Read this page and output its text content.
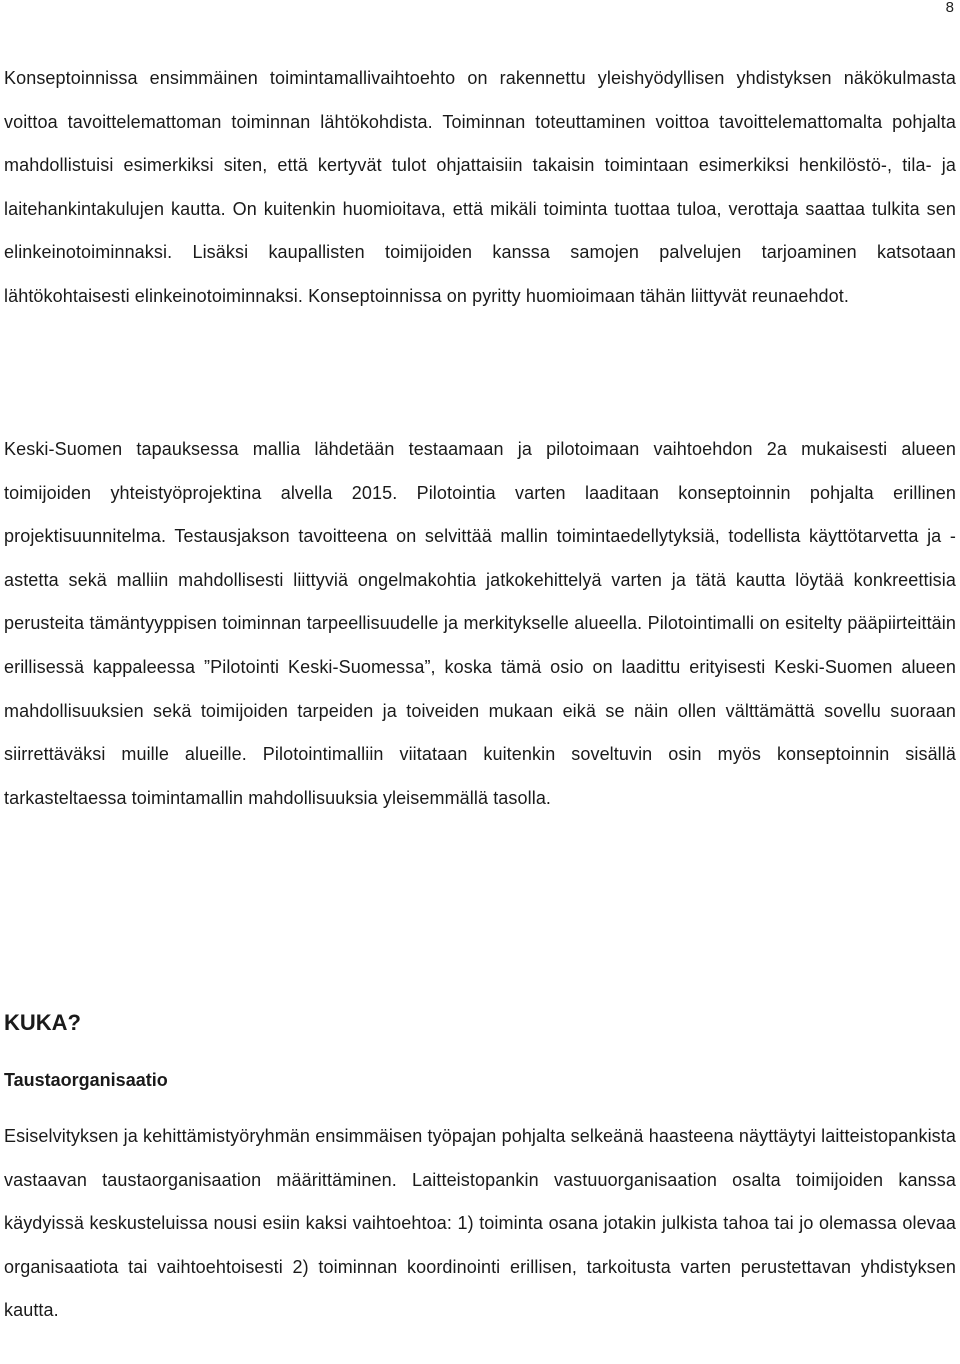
8

Konseptoinnissa ensimmäinen toimintamallivaihtoehto on rakennettu yleishyödyllisen yhdistyksen näkökulmasta voittoa tavoittelemattoman toiminnan lähtökohdista. Toiminnan toteuttaminen voittoa tavoittelemattomalta pohjalta mahdollistuisi esimerkiksi siten, että kertyvät tulot ohjattaisiin takaisin toimintaan esimerkiksi henkilöstö-, tila- ja laitehankintakulujen kautta. On kuitenkin huomioitava, että mikäli toiminta tuottaa tuloa, verottaja saattaa tulkita sen elinkeinotoiminnaksi. Lisäksi kaupallisten toimijoiden kanssa samojen palvelujen tarjoaminen katsotaan lähtökohtaisesti elinkeinotoiminnaksi. Konseptoinnissa on pyritty huomioimaan tähän liittyvät reunaehdot.

Keski-Suomen tapauksessa mallia lähdetään testaamaan ja pilotoimaan vaihtoehdon 2a mukaisesti alueen toimijoiden yhteistyöprojektina alvella 2015. Pilotointia varten laaditaan konseptoinnin pohjalta erillinen projektisuunnitelma. Testausjakson tavoitteena on selvittää mallin toimintaedellytyksiä, todellista käyttötarvetta ja -astetta sekä malliin mahdollisesti liittyviä ongelmakohtia jatkokehittelyä varten ja tätä kautta löytää konkreettisia perusteita tämäntyyppisen toiminnan tarpeellisuudelle ja merkitykselle alueella. Pilotointimalli on esitelty pääpiirteittäin erillisessä kappaleessa ”Pilotointi Keski-Suomessa”, koska tämä osio on laadittu erityisesti Keski-Suomen alueen mahdollisuuksien sekä toimijoiden tarpeiden ja toiveiden mukaan eikä se näin ollen välttämättä sovellu suoraan siirrettäväksi muille alueille. Pilotointimalliin viitataan kuitenkin soveltuvin osin myös konseptoinnin sisällä tarkasteltaessa toimintamallin mahdollisuuksia yleisemmällä tasolla.

KUKA?
Taustaorganisaatio

Esiselvityksen ja kehittämistyöryhmän ensimmäisen työpajan pohjalta selkeänä haasteena näyttäytyi laitteistopankista vastaavan taustaorganisaation määrittäminen. Laitteistopankin vastuuorganisaation osalta toimijoiden kanssa käydyissä keskusteluissa nousi esiin kaksi vaihtoehtoa: 1) toiminta osana jotakin julkista tahoa tai jo olemassa olevaa organisaatiota tai vaihtoehtoisesti 2) toiminnan koordinointi erillisen, tarkoitusta varten perustettavan yhdistyksen kautta.
